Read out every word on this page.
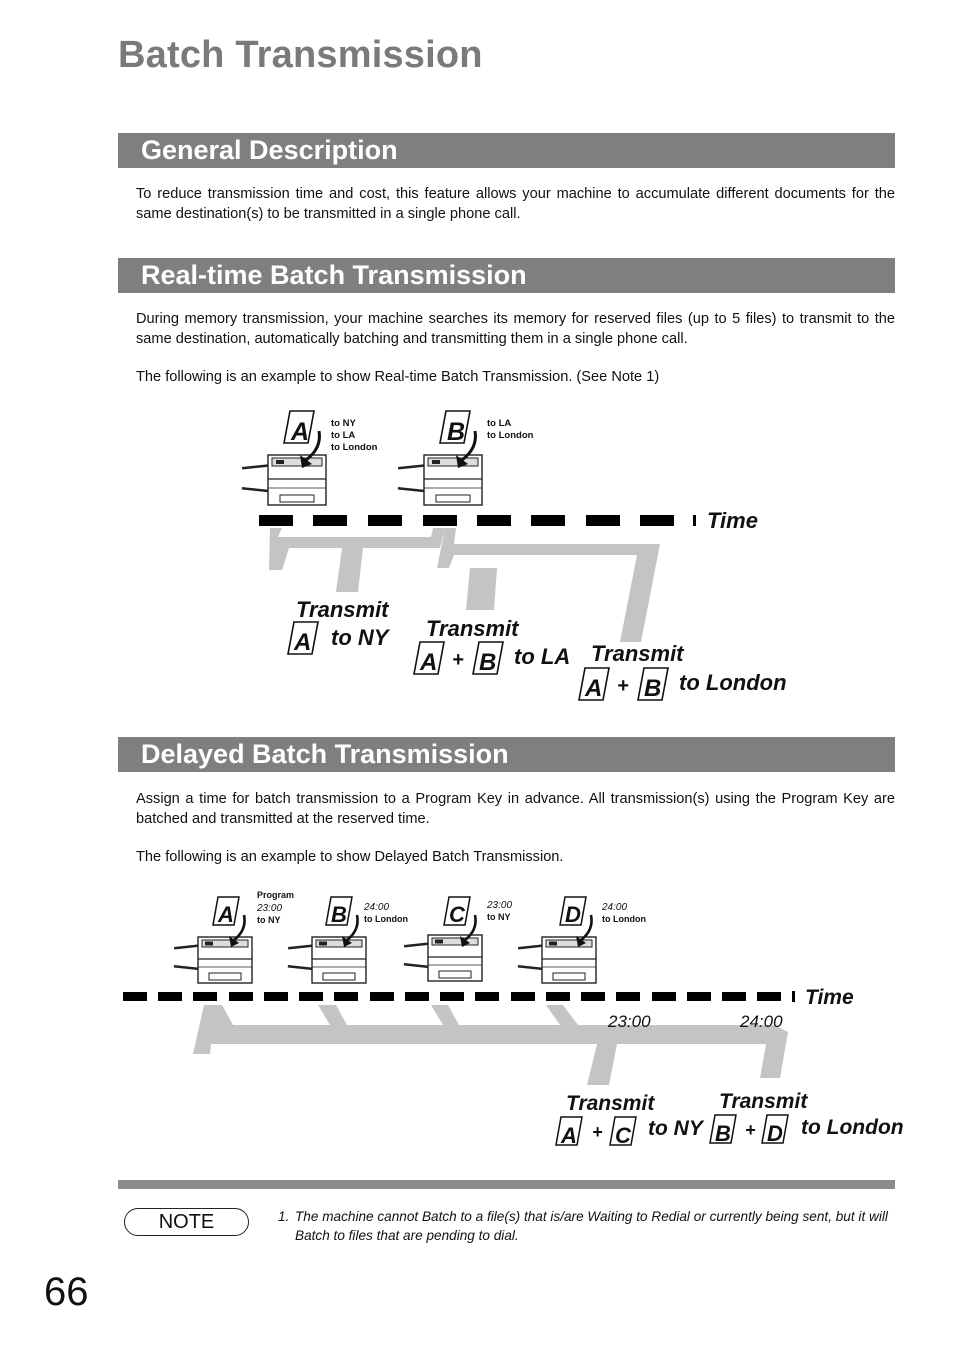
Batch Transmission
General Description
To reduce transmission time and cost, this feature allows your machine to accumulate different documents for the same destination(s) to be transmitted in a single phone call.
Real-time Batch Transmission
During memory transmission, your machine searches its memory for reserved files (up to 5 files) to transmit to the same destination, automatically batching and transmitting them in a single phone call.
The following is an example to show Real-time Batch Transmission. (See Note 1)
Time
A to NY
to LA
to London
B to LA
to London
Transmit
A to NY Transmit
A + B to LA Transmit
A + B to London
Delayed Batch Transmission
Assign a time for batch transmission to a Program Key in advance. All transmission(s) using the Program Key are batched and transmitted at the reserved time.
The following is an example to show Delayed Batch Transmission.
Time
23:00	24:00
A
Program
23:00
to NY B 24:00
to London C 23:00
to NY D 24:00
to London
Transmit
A + C to NY
Transmit
B + D to London
NOTE	1. The machine cannot Batch to a file(s) that is/are Waiting to Redial or currently being sent, but it will Batch to files that are pending to dial.
66
